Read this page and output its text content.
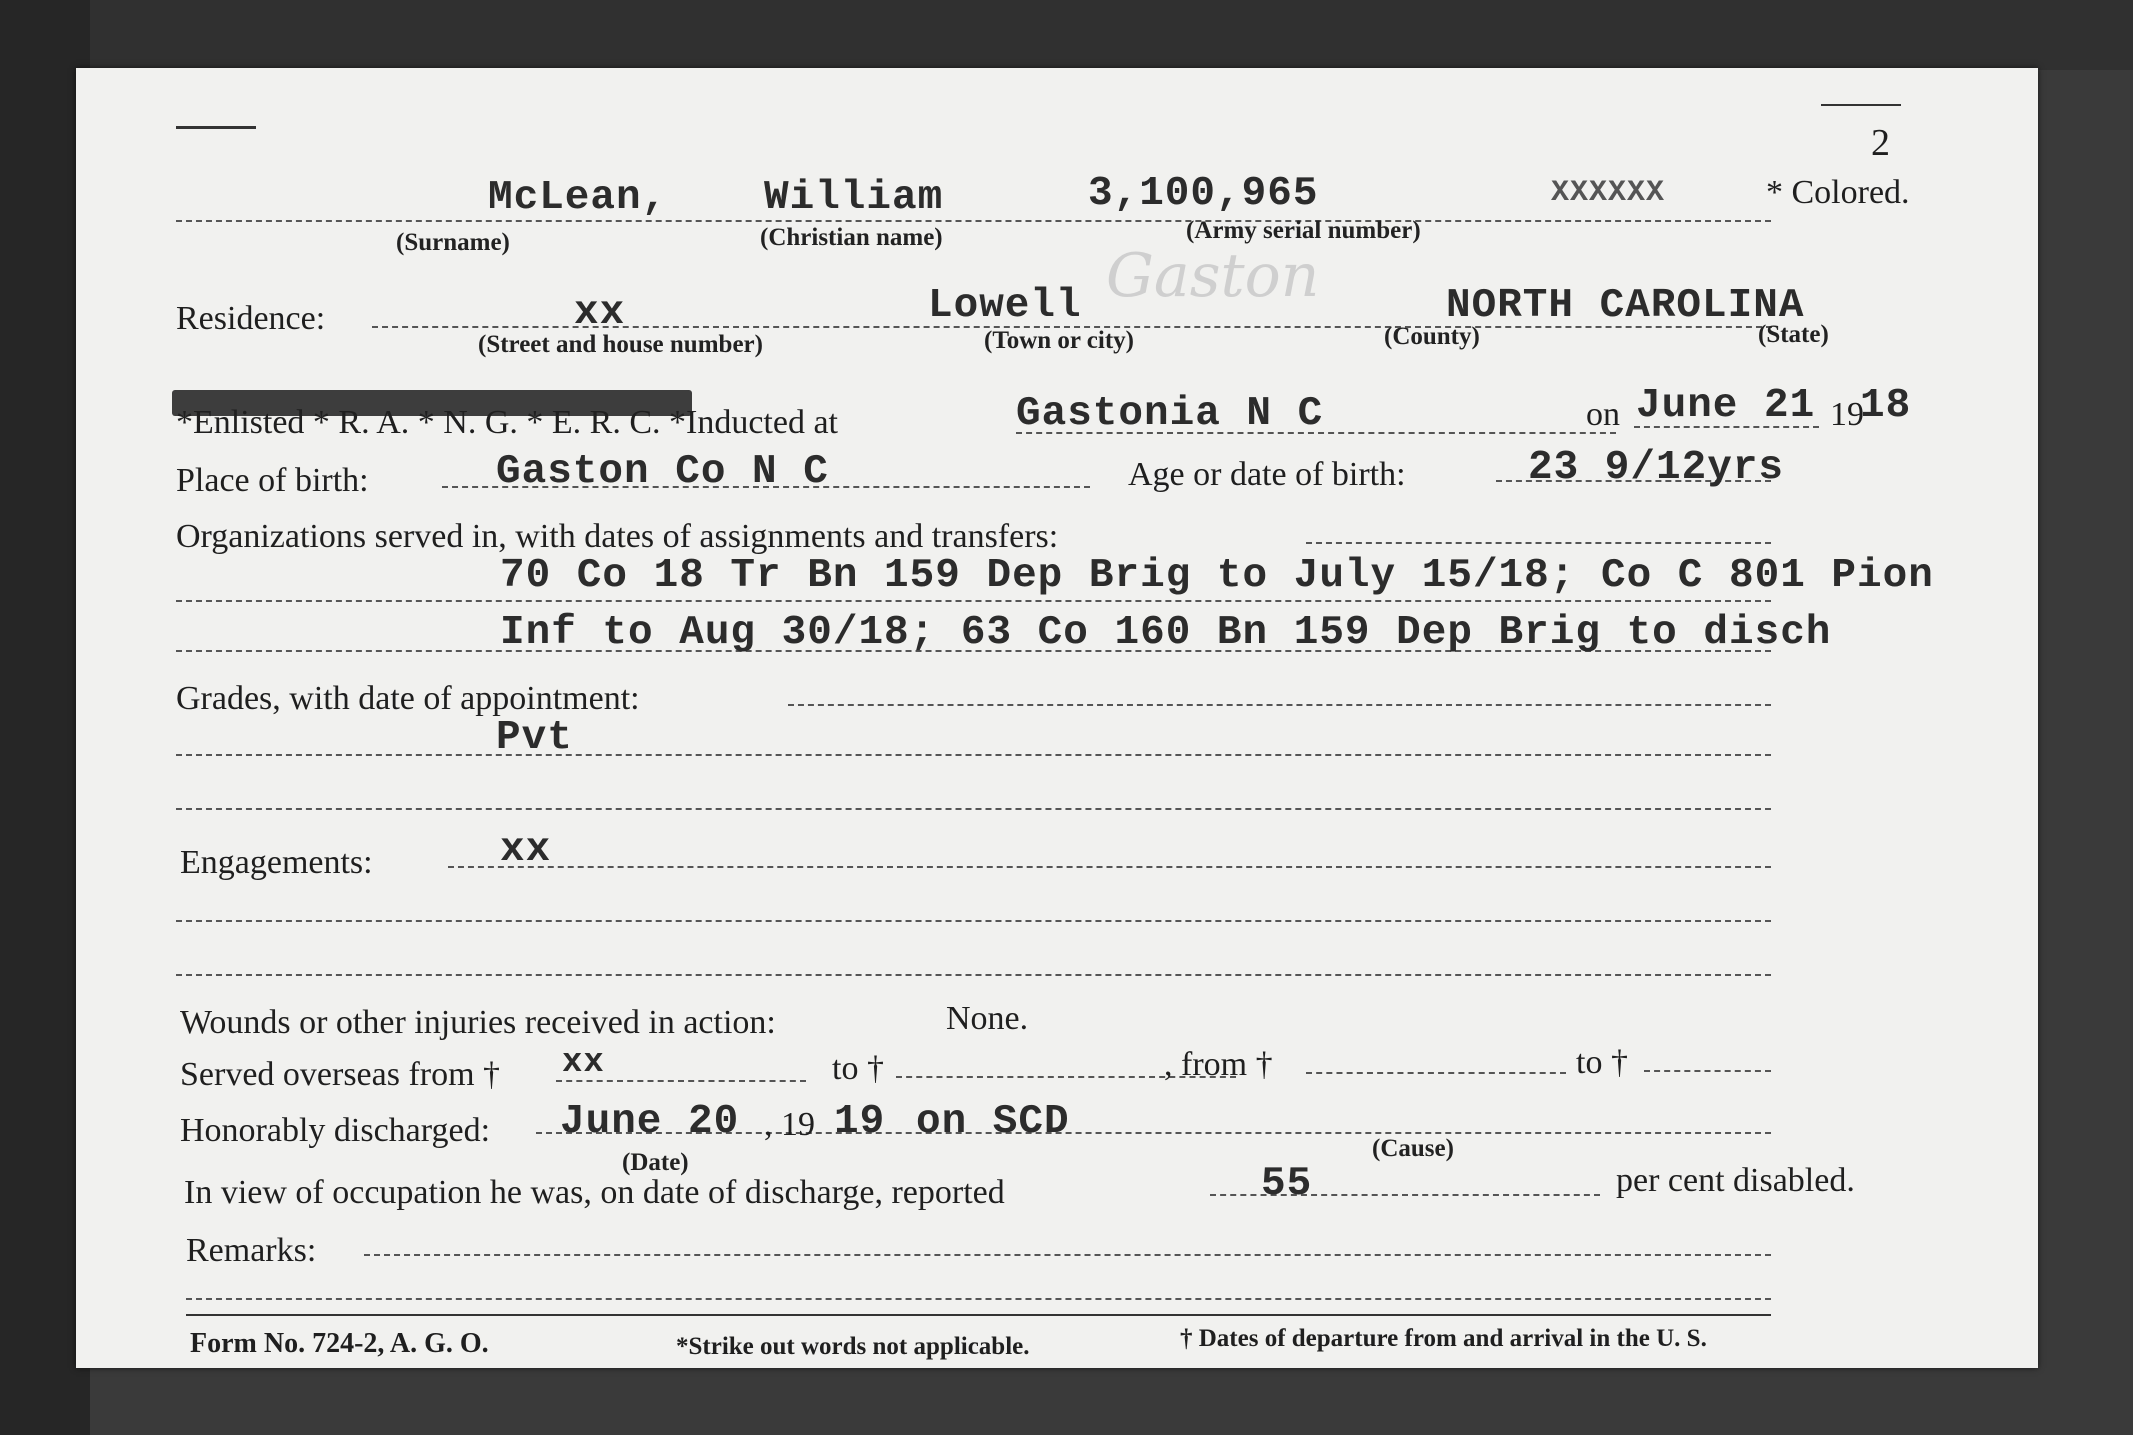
2
McLean, William	3,100,965	XXXXXX	* Colored.
(Surname)	(Christian name)	(Army serial number)
Residence:	xx	Lowell Gaston	NORTH CAROLINA
(Street and house number)	(Town or city)	(County)	(State)
*Enlisted * R. A. * N. G. * E. R. C. *Inducted at	Gastonia N C	on June 21 19
18
Place of birth:	Gaston Co N C	Age or date of birth:	23 9/12yrs
Organizations served in, with dates of assignments and transfers:
70 Co 18 Tr Bn 159 Dep Brig to July 15/18; Co C 801 Pion
Inf to Aug 30/18; 63 Co 160 Bn 159 Dep Brig to disch
Grades, with date of appointment:
Pvt
Engagements:	xx
Wounds or other injuries received in action:	None.
Served overseas from † xx	to †	, from †	to †
Honorably discharged: June 20 , 19 19 on SCD
(Date)
(Cause)
In view of occupation he was, on date of discharge, reported	55	per cent disabled.
Remarks:
Form No. 724-2, A. G. O.	*Strike out words not applicable.	† Dates of departure from and arrival in the U. S.
